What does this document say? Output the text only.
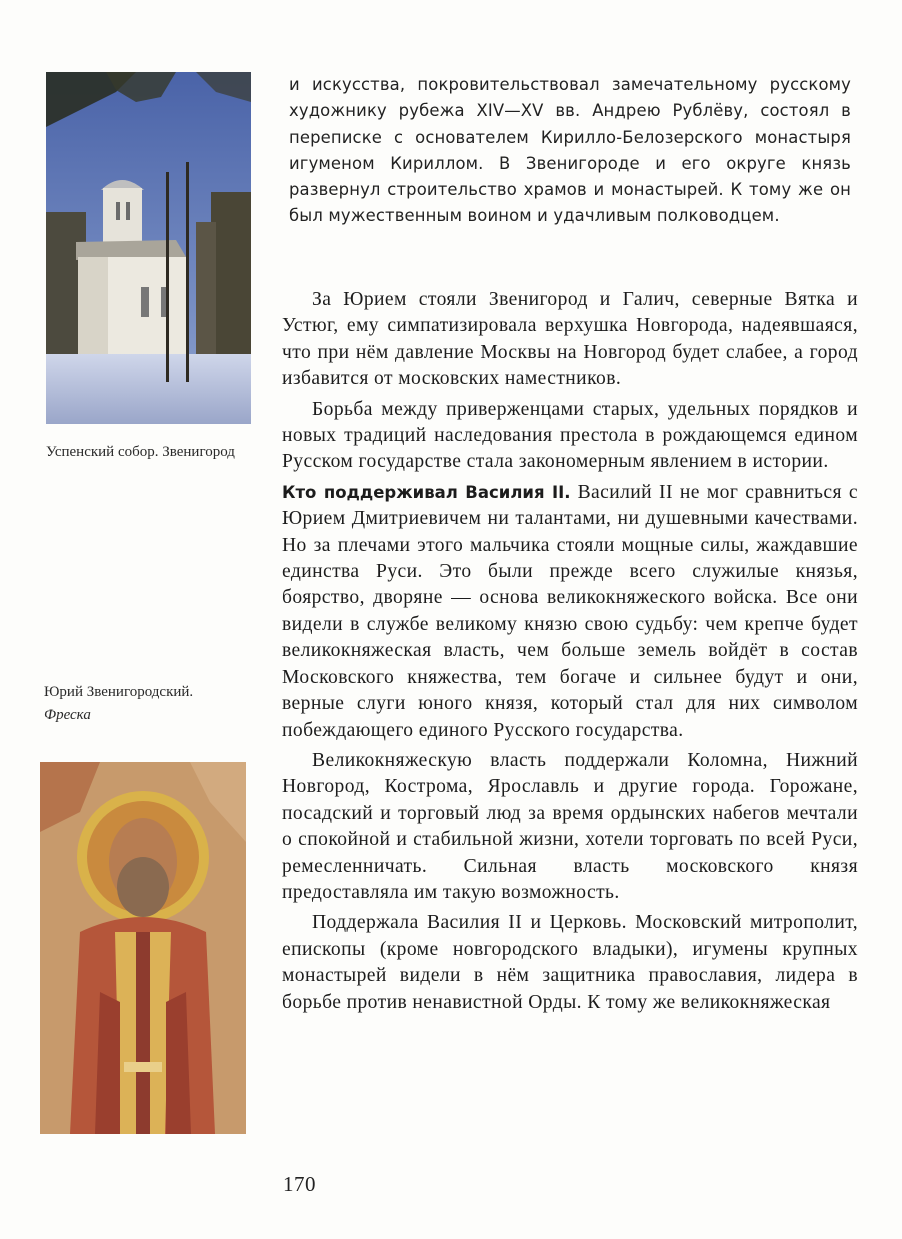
Успенский собор. Звенигород
Юрий Звенигородский.
Фреска
и искусства, покровительствовал замечательному русскому художнику рубежа XIV—XV вв. Андрею Рублёву, состоял в переписке с основателем Кирилло-Белозерского монастыря игуменом Кириллом. В Звенигороде и его округе князь развернул строительство храмов и монастырей. К тому же он был мужественным воином и удачливым полководцем.

За Юрием стояли Звенигород и Галич, северные Вятка и Устюг, ему симпатизировала верхушка Новгорода, надеявшаяся, что при нём давление Москвы на Новгород будет слабее, а город избавится от московских наместников.

Борьба между приверженцами старых, удельных порядков и новых традиций наследования престола в рождающемся едином Русском государстве стала закономерным явлением в истории.

Кто поддерживал Василия II. Василий II не мог сравниться с Юрием Дмитриевичем ни талантами, ни душевными качествами. Но за плечами этого мальчика стояли мощные силы, жаждавшие единства Руси. Это были прежде всего служилые князья, боярство, дворяне — основа великокняжеского войска. Все они видели в службе великому князю свою судьбу: чем крепче будет великокняжеская власть, чем больше земель войдёт в состав Московского княжества, тем богаче и сильнее будут и они, верные слуги юного князя, который стал для них символом побеждающего единого Русского государства.

Великокняжескую власть поддержали Коломна, Нижний Новгород, Кострома, Ярославль и другие города. Горожане, посадский и торговый люд за время ордынских набегов мечтали о спокойной и стабильной жизни, хотели торговать по всей Руси, ремесленничать. Сильная власть московского князя предоставляла им такую возможность.

Поддержала Василия II и Церковь. Московский митрополит, епископы (кроме новгородского владыки), игумены крупных монастырей видели в нём защитника православия, лидера в борьбе против ненавистной Орды. К тому же великокняжеская

170
